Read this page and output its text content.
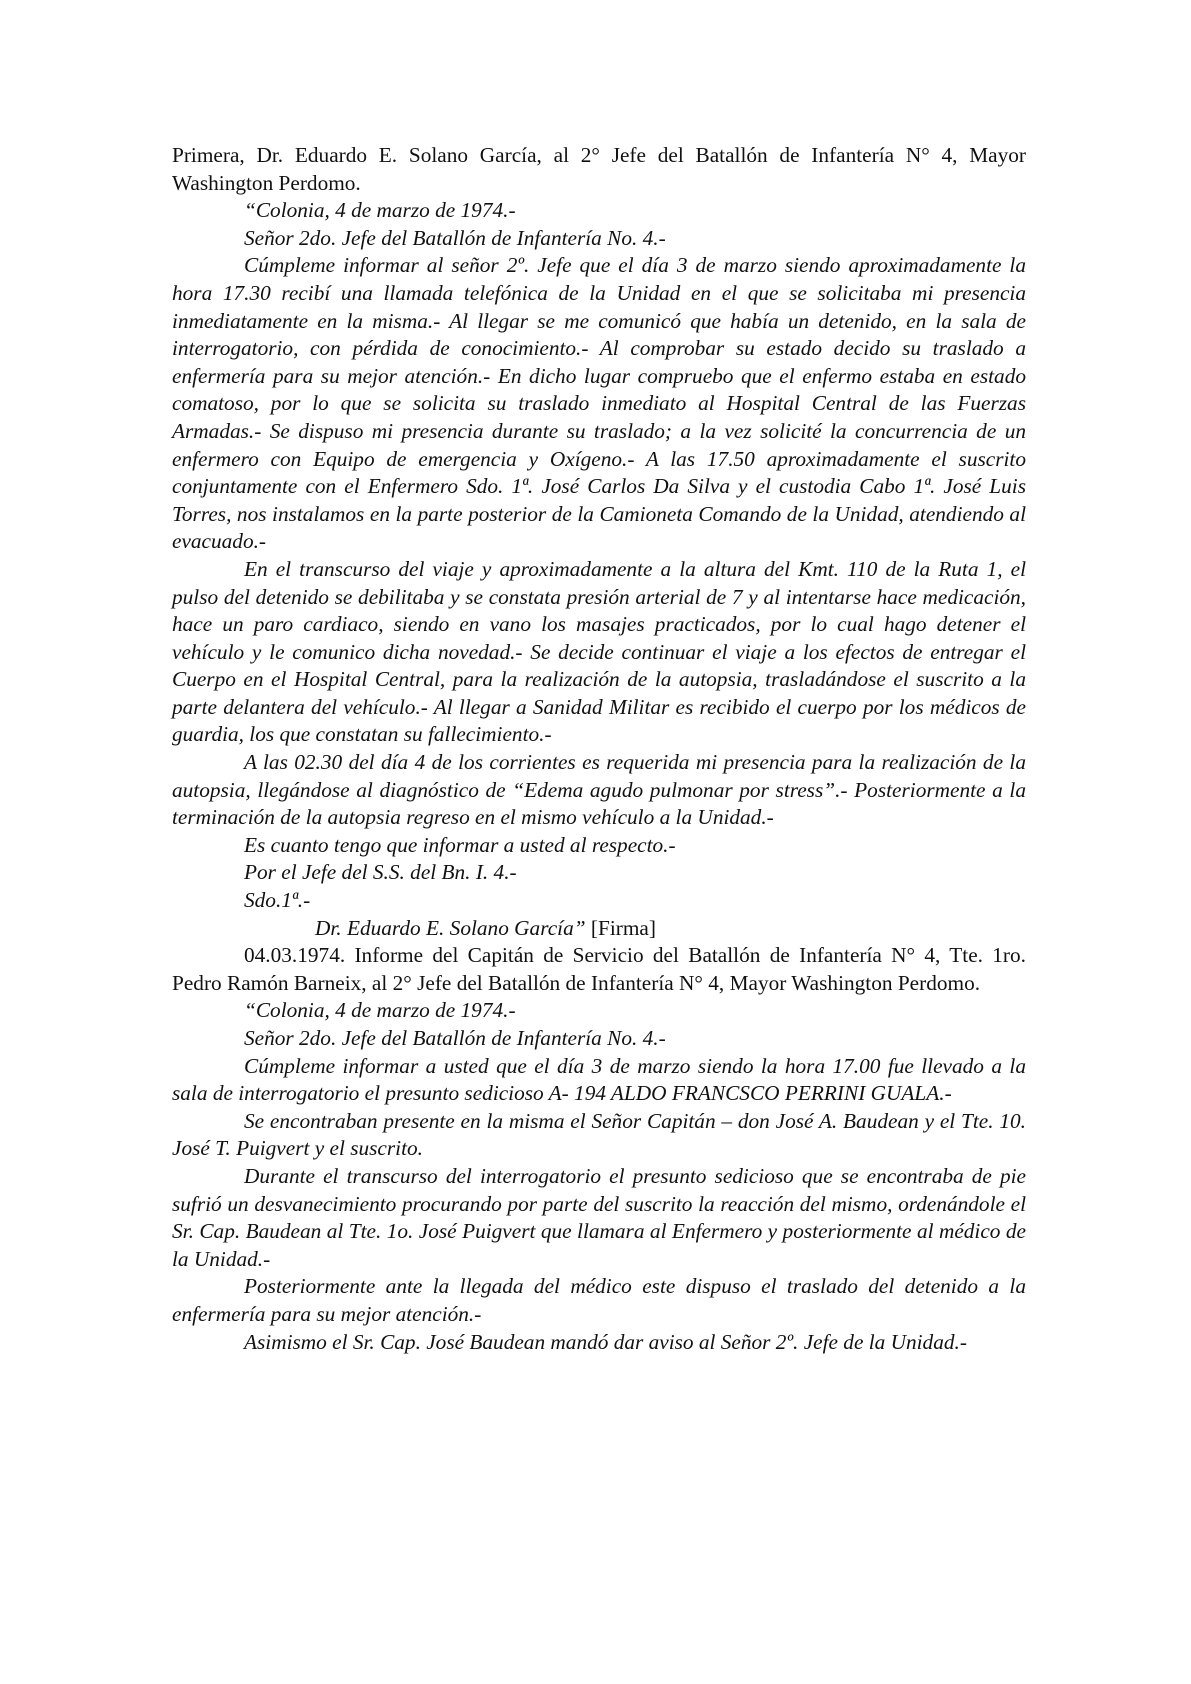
Primera, Dr. Eduardo E. Solano García, al 2° Jefe del Batallón de Infantería N° 4, Mayor Washington Perdomo.

“Colonia, 4 de marzo de 1974.-

Señor 2do. Jefe del Batallón de Infantería No. 4.-

Cúmpleme informar al señor 2º. Jefe que el día 3 de marzo siendo aproximadamente la hora 17.30 recibí una llamada telefónica de la Unidad en el que se solicitaba mi presencia inmediatamente en la misma.- Al llegar se me comunicó que había un detenido, en la sala de interrogatorio, con pérdida de conocimiento.- Al comprobar su estado decido su traslado a enfermería para su mejor atención.- En dicho lugar compruebo que el enfermo estaba en estado comatoso, por lo que se solicita su traslado inmediato al Hospital Central de las Fuerzas Armadas.- Se dispuso mi presencia durante su traslado; a la vez solicité la concurrencia de un enfermero con Equipo de emergencia y Oxígeno.- A las 17.50 aproximadamente el suscrito conjuntamente con el Enfermero Sdo. 1ª. José Carlos Da Silva y el custodia Cabo 1ª. José Luis Torres, nos instalamos en la parte posterior de la Camioneta Comando de la Unidad, atendiendo al evacuado.-

En el transcurso del viaje y aproximadamente a la altura del Kmt. 110 de la Ruta 1, el pulso del detenido se debilitaba y se constata presión arterial de 7 y al intentarse hace medicación, hace un paro cardiaco, siendo en vano los masajes practicados, por lo cual hago detener el vehículo y le comunico dicha novedad.- Se decide continuar el viaje a los efectos de entregar el Cuerpo en el Hospital Central, para la realización de la autopsia, trasladándose el suscrito a la parte delantera del vehículo.- Al llegar a Sanidad Militar es recibido el cuerpo por los médicos de guardia, los que constatan su fallecimiento.-

A las 02.30 del día 4 de los corrientes es requerida mi presencia para la realización de la autopsia, llegándose al diagnóstico de “Edema agudo pulmonar por stress”.- Posteriormente a la terminación de la autopsia regreso en el mismo vehículo a la Unidad.-

Es cuanto tengo que informar a usted al respecto.-

Por el Jefe del S.S. del Bn. I. 4.-

Sdo.1ª.-

Dr. Eduardo E. Solano García” [Firma]

04.03.1974. Informe del Capitán de Servicio del Batallón de Infantería N° 4, Tte. 1ro. Pedro Ramón Barneix, al 2° Jefe del Batallón de Infantería N° 4, Mayor Washington Perdomo.

“Colonia, 4 de marzo de 1974.-

Señor 2do. Jefe del Batallón de Infantería No. 4.-

Cúmpleme informar a usted que el día 3 de marzo siendo la hora 17.00 fue llevado a la sala de interrogatorio el presunto sedicioso A- 194 ALDO FRANCSCO PERRINI GUALA.-

Se encontraban presente en la misma el Señor Capitán – don José A. Baudean y el Tte. 10. José T. Puigvert y el suscrito.

Durante el transcurso del interrogatorio el presunto sedicioso que se encontraba de pie sufrió un desvanecimiento procurando por parte del suscrito la reacción del mismo, ordenándole el Sr. Cap. Baudean al Tte. 1o. José Puigvert que llamara al Enfermero y posteriormente al médico de la Unidad.-

Posteriormente ante la llegada del médico este dispuso el traslado del detenido a la enfermería para su mejor atención.-

Asimismo el Sr. Cap. José Baudean mandó dar aviso al Señor 2º. Jefe de la Unidad.-
